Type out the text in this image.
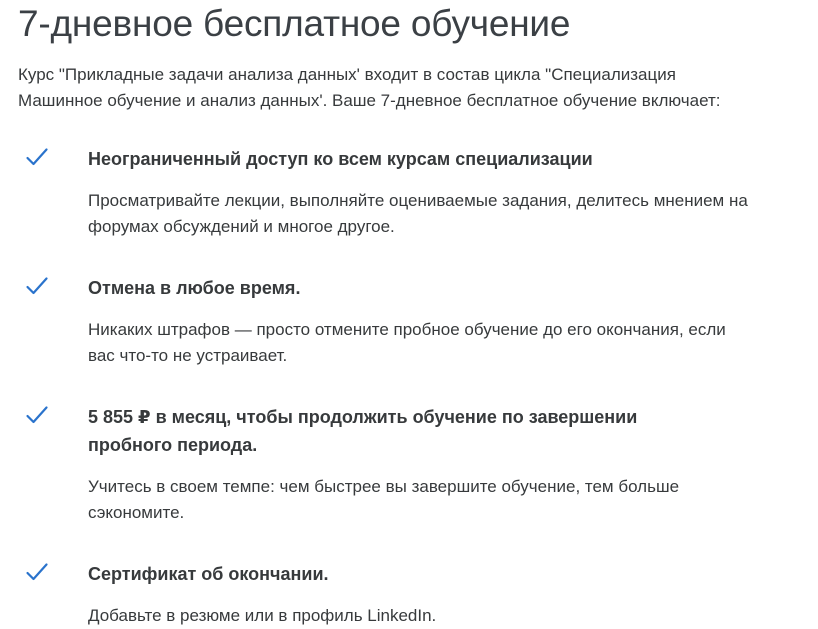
7-дневное бесплатное обучение

Курс "Прикладные задачи анализа данных' входит в состав цикла "Специализация Машинное обучение и анализ данных'. Ваше 7-дневное бесплатное обучение включает:

Неограниченный доступ ко всем курсам специализации

Просматривайте лекции, выполняйте оцениваемые задания, делитесь мнением на форумах обсуждений и многое другое.

Отмена в любое время.

Никаких штрафов — просто отмените пробное обучение до его окончания, если вас что-то не устраивает.

5 855 ₽ в месяц, чтобы продолжить обучение по завершении пробного периода.

Учитесь в своем темпе: чем быстрее вы завершите обучение, тем больше сэкономите.

Сертификат об окончании.

Добавьте в резюме или в профиль LinkedIn.
